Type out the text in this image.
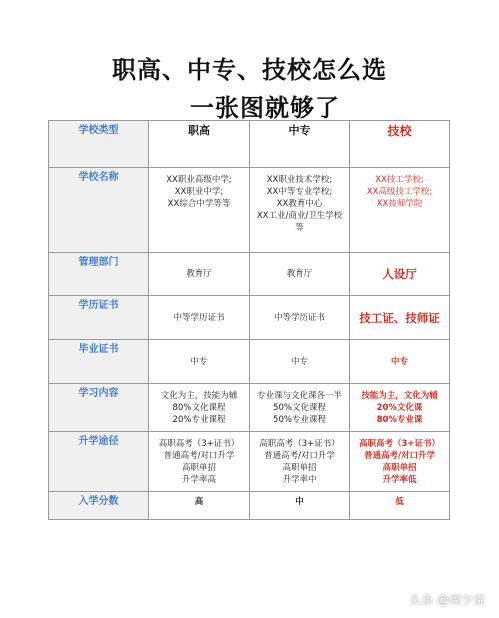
职高、中专、技校怎么选
一张图就够了
学校类型	职高	中专	技校
学校名称	XX职业高级中学;
XX职业中学;
XX综合中学等等	XX职业技术学校;
XX中等专业学校;
XX教育中心
XX工业/商业/卫生学校
等	XX技工学校;
XX高级技工学校;
XX技师学院

管理部门	教育厅	教育厅	人设厅
学历证书	中等学历证书	中等学历证书	技工证、技师证
毕业证书	中专	中专	中专
学习内容	文化为主，技能为辅
80%文化课程
20%专业课程	专业课与文化课各一半
50%文化课程
50%专业课程	技能为主，文化为辅
20%文化课
80%专业课

升学途径	高职高考（3+证书）
普通高考/对口升学
高职单招
升学率高	高职高考（3+证书）
普通高考/对口升学
高职单招
升学率中	高职高考（3+证书）
普通高考/对口升学
高职单招
升学率低

入学分数	高	中	低
头条 @周少说
